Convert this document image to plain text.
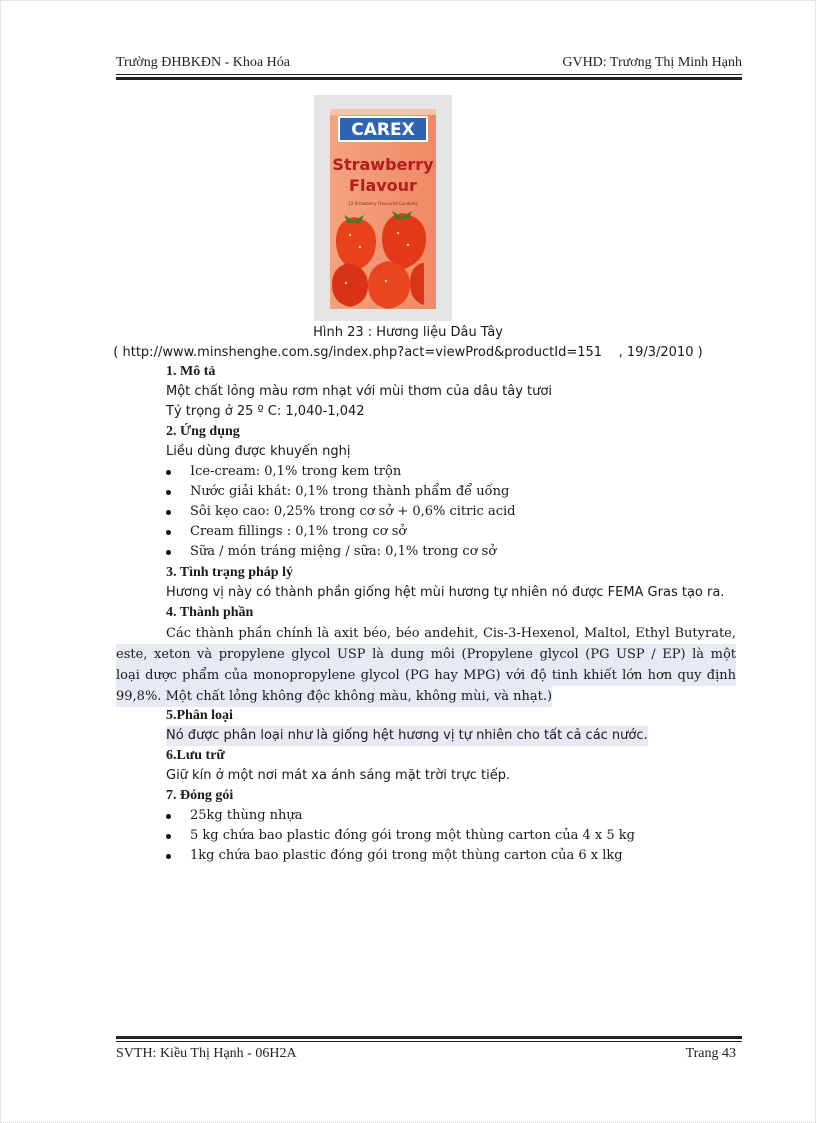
Trường ĐHBKĐN - Khoa Hóa	GVHD: Trương Thị Minh Hạnh
CAREX
Strawberry
Flavour
12 Strawberry Flavoured Condoms
Hình 23 : Hương liệu Dâu Tây
( http://www.minshenghe.com.sg/index.php?act=viewProd&productId=151    , 19/3/2010 )
1. Mô tả
Một chất lỏng màu rơm nhạt với mùi thơm của dâu tây tươi
Tỷ trọng ở 25 º C: 1,040-1,042
2. Ứng dụng
Liều dùng được khuyến nghị
Ice-cream: 0,1% trong kem trộn
Nước giải khát: 0,1% trong thành phẩm để uống
Sôi kẹo cao: 0,25% trong cơ sở + 0,6% citric acid
Cream fillings : 0,1% trong cơ sở
Sữa / món tráng miệng / sữa: 0,1% trong cơ sở
3. Tình trạng pháp lý
Hương vị này có thành phần giống hệt mùi hương tự nhiên nó được FEMA Gras tạo ra.
4. Thành phần
Các thành phần chính là axit béo, béo andehit, Cis-3-Hexenol, Maltol, Ethyl Butyrate,
este, xeton và propylene glycol USP là dung môi (Propylene glycol (PG USP / EP) là một
loại dược phẩm của monopropylene glycol (PG hay MPG) với độ tinh khiết lớn hơn quy định
99,8%. Một chất lỏng không độc không màu, không mùi, và nhạt.)
5.Phân loại
Nó được phân loại như là giống hệt hương vị tự nhiên cho tất cả các nước.
6.Lưu trữ
Giữ kín ở một nơi mát xa ánh sáng mặt trời trực tiếp.
7. Đóng gói
25kg thùng nhựa
5 kg chứa bao plastic đóng gói trong một thùng carton của 4 x 5 kg
1kg chứa bao plastic đóng gói trong một thùng carton của 6 x lkg
SVTH: Kiều Thị Hạnh - 06H2A	Trang 43
